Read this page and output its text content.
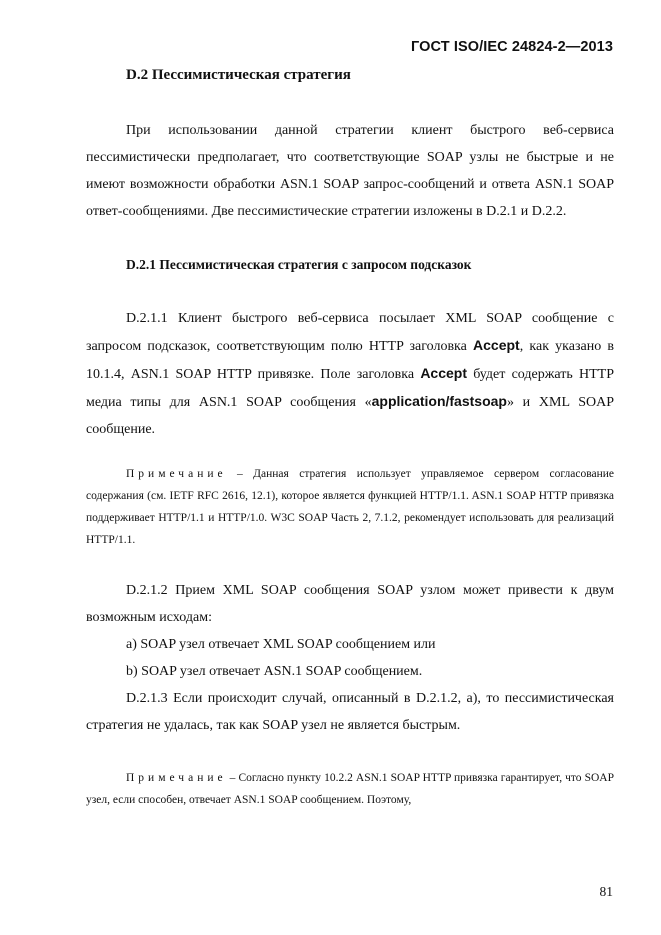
ГОСТ ISO/IEC 24824-2—2013
D.2 Пессимистическая стратегия

При использовании данной стратегии клиент быстрого веб-сервиса пессимистически предполагает, что соответствующие SOAP узлы не быстрые и не имеют возможности обработки ASN.1 SOAP запрос-сообщений и ответа ASN.1 SOAP ответ-сообщениями. Две пессимистические стратегии изложены в D.2.1 и D.2.2.

D.2.1 Пессимистическая стратегия с запросом подсказок

D.2.1.1 Клиент быстрого веб-сервиса посылает XML SOAP сообщение с запросом подсказок, соответствующим полю HTTP заголовка Accept, как указано в 10.1.4, ASN.1 SOAP HTTP привязке. Поле заголовка Accept будет содержать HTTP медиа типы для ASN.1 SOAP сообщения «application/fastsoap» и XML SOAP сообщение.

Примечание – Данная стратегия использует управляемое сервером согласование содержания (см. IETF RFC 2616, 12.1), которое является функцией HTTP/1.1. ASN.1 SOAP HTTP привязка поддерживает HTTP/1.1 и HTTP/1.0. W3C SOAP Часть 2, 7.1.2, рекомендует использовать для реализаций HTTP/1.1.

D.2.1.2 Прием XML SOAP сообщения SOAP узлом может привести к двум возможным исходам:

a) SOAP узел отвечает XML SOAP сообщением или

b) SOAP узел отвечает ASN.1 SOAP сообщением.

D.2.1.3 Если происходит случай, описанный в D.2.1.2, a), то пессимистическая стратегия не удалась, так как SOAP узел не является быстрым.

Примечание – Согласно пункту 10.2.2 ASN.1 SOAP HTTP привязка гарантирует, что SOAP узел, если способен, отвечает ASN.1 SOAP сообщением. Поэтому,

81
